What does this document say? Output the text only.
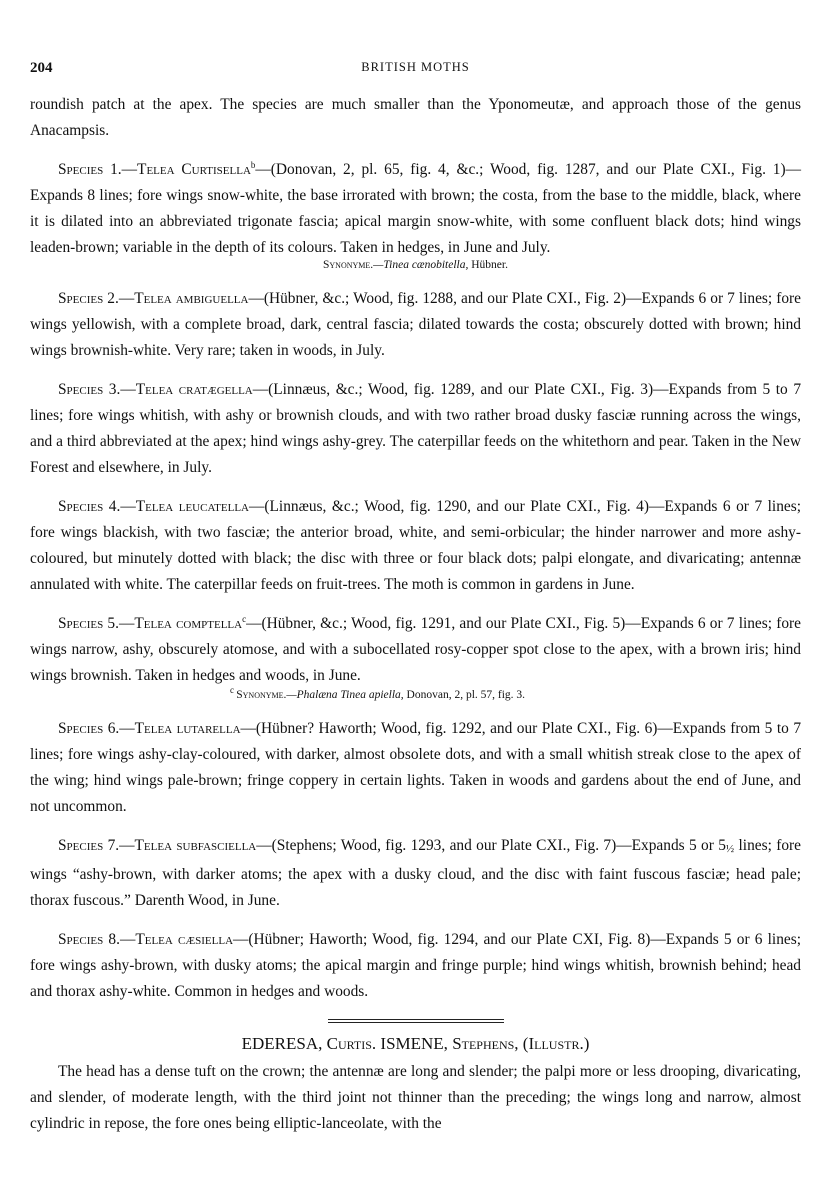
204	BRITISH MOTHS

roundish patch at the apex. The species are much smaller than the Yponomeutæ, and approach those of the genus Anacampsis.

Species 1.—Telea Curtisella$^b$—(Donovan, 2, pl. 65, fig. 4, &c.; Wood, fig. 1287, and our Plate CXI., Fig. 1)—Expands 8 lines; fore wings snow-white, the base irrorated with brown; the costa, from the base to the middle, black, where it is dilated into an abbreviated trigonate fascia; apical margin snow-white, with some confluent black dots; hind wings leaden-brown; variable in the depth of its colours. Taken in hedges, in June and July.

Synonyme.—Tinea cænobitella, Hübner.

Species 2.—Telea ambiguella—(Hübner, &c.; Wood, fig. 1288, and our Plate CXI., Fig. 2)—Expands 6 or 7 lines; fore wings yellowish, with a complete broad, dark, central fascia; dilated towards the costa; obscurely dotted with brown; hind wings brownish-white. Very rare; taken in woods, in July.

Species 3.—Telea cratægella—(Linnæus, &c.; Wood, fig. 1289, and our Plate CXI., Fig. 3)—Expands from 5 to 7 lines; fore wings whitish, with ashy or brownish clouds, and with two rather broad dusky fasciæ running across the wings, and a third abbreviated at the apex; hind wings ashy-grey. The caterpillar feeds on the whitethorn and pear. Taken in the New Forest and elsewhere, in July.

Species 4.—Telea leucatella—(Linnæus, &c.; Wood, fig. 1290, and our Plate CXI., Fig. 4)—Expands 6 or 7 lines; fore wings blackish, with two fasciæ; the anterior broad, white, and semi-orbicular; the hinder narrower and more ashy-coloured, but minutely dotted with black; the disc with three or four black dots; palpi elongate, and divaricating; antennæ annulated with white. The caterpillar feeds on fruit-trees. The moth is common in gardens in June.

Species 5.—Telea comptella$^c$—(Hübner, &c.; Wood, fig. 1291, and our Plate CXI., Fig. 5)—Expands 6 or 7 lines; fore wings narrow, ashy, obscurely atomose, and with a subocellated rosy-copper spot close to the apex, with a brown iris; hind wings brownish. Taken in hedges and woods, in June.

$^c$ Synonyme.—Phalæna Tinea apiella, Donovan, 2, pl. 57, fig. 3.

Species 6.—Telea lutarella—(Hübner? Haworth; Wood, fig. 1292, and our Plate CXI., Fig. 6)—Expands from 5 to 7 lines; fore wings ashy-clay-coloured, with darker, almost obsolete dots, and with a small whitish streak close to the apex of the wing; hind wings pale-brown; fringe coppery in certain lights. Taken in woods and gardens about the end of June, and not uncommon.

Species 7.—Telea subfasciella—(Stephens; Wood, fig. 1293, and our Plate CXI., Fig. 7)—Expands 5 or 5½ lines; fore wings “ashy-brown, with darker atoms; the apex with a dusky cloud, and the disc with faint fuscous fasciæ; head pale; thorax fuscous.” Darenth Wood, in June.

Species 8.—Telea cæsiella—(Hübner; Haworth; Wood, fig. 1294, and our Plate CXI, Fig. 8)—Expands 5 or 6 lines; fore wings ashy-brown, with dusky atoms; the apical margin and fringe purple; hind wings whitish, brownish behind; head and thorax ashy-white. Common in hedges and woods.

EDERESA, Curtis. ISMENE, Stephens, (Illustr.)

The head has a dense tuft on the crown; the antennæ are long and slender; the palpi more or less drooping, divaricating, and slender, of moderate length, with the third joint not thinner than the preceding; the wings long and narrow, almost cylindric in repose, the fore ones being elliptic-lanceolate, with the
